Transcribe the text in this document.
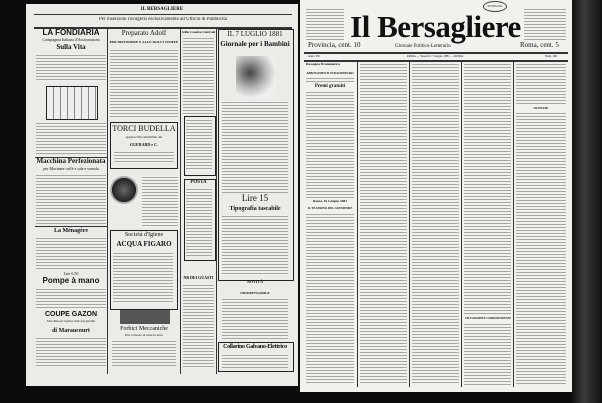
IL BERSAGLIERE
Per inserzioni rivolgersi esclusivamente all'Ufficio di Pubblicità
LA FONDIARIA
Compagnia Italiana d'Assicurazioni
Sulla Vita
Macchina Perfezionata
per Macinare caffè e sale e semola
La Ménagère
Lire 6.50
Pompe à mano
COUPE GAZON
Macchina per tagliare l'erba nei giardini
di Maraucourt
Preparato Adolf
PER DIFENDERE E ALLE DOLCI STOFFE
TORCI BUDELLA
apparecchio infallibile del
GUERARD e C.
Società d'Igiene
ACQUA FIGARO
Forbici Meccaniche
Più comode di tutte le altre
Gillo Casetta Centrale
POSTA
NB DEI GUASTI
IL 7 LUGLIO 1881
Giornale per i Bambini
Lire 15
Tipografia tascabile
NOVITÀ
INDISPENSABILE
Collarino Galvano-Elettrico
IN FOGLIO
Il Bersagliere
Provincia, cent. 10	Giornale Politico-Letterario	Roma, cent. 5
Anno VII.	ROMA — Venerdì 17 Giugno 1881 — ROMA	Num. 166
Rassegna Drammatica
ABBONAMENTI STRAORDINARI
Premi gratuiti
Roma, 16 Giugno 1881
IL TEATRINO DEL GUEMPORE
TELEGRAMMI E CORRISPONDENZE
NOTIZIE
